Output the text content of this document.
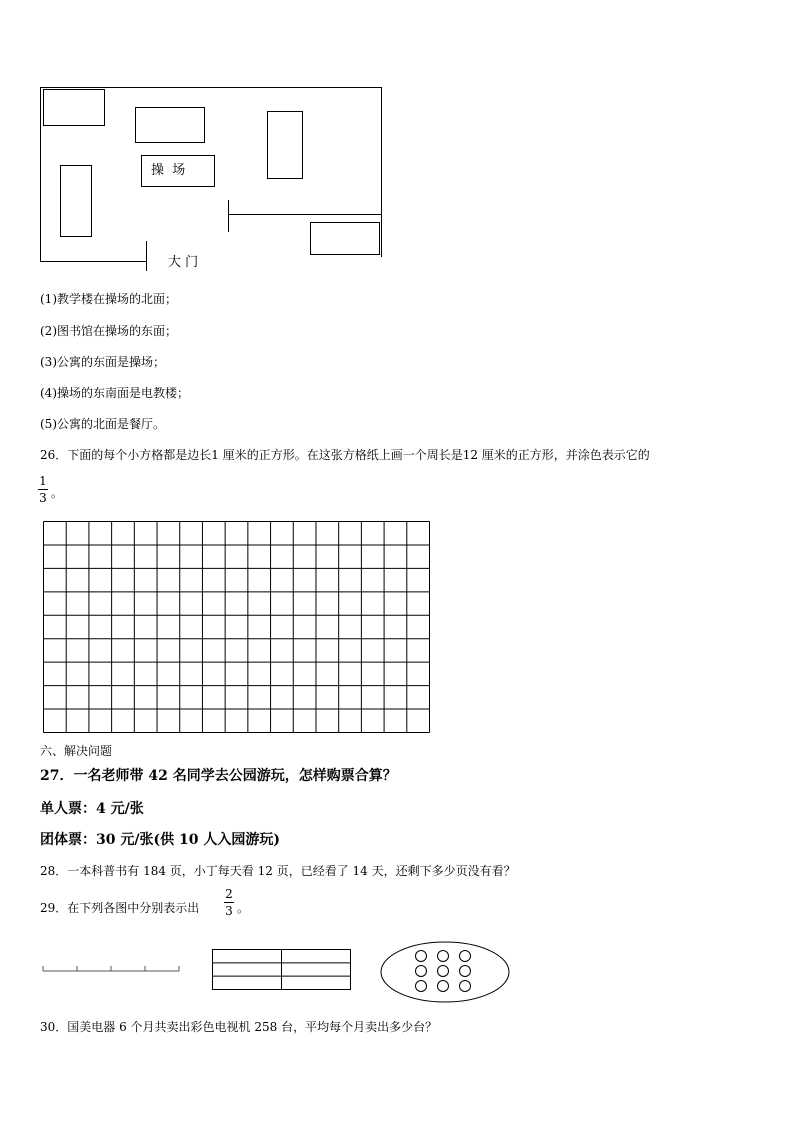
操  场
大 门
(1)教学楼在操场的北面；
(2)图书馆在操场的东面；
(3)公寓的东面是操场；
(4)操场的东南面是电教楼；
(5)公寓的北面是餐厅。
26．下面的每个小方格都是边长1 厘米的正方形。在这张方格纸上画一个周长是12 厘米的正方形，并涂色表示它的
1
3 。
六、解决问题
27．一名老师带 42 名同学去公园游玩，怎样购票合算？
单人票：4 元/张
团体票：30 元/张(供 10 人入园游玩)
28．一本科普书有 184 页，小丁每天看 12 页，已经看了 14 天，还剩下多少页没有看？
29．在下列各图中分别表示出
2
3 。
30．国美电器 6 个月共卖出彩色电视机 258 台，平均每个月卖出多少台？
